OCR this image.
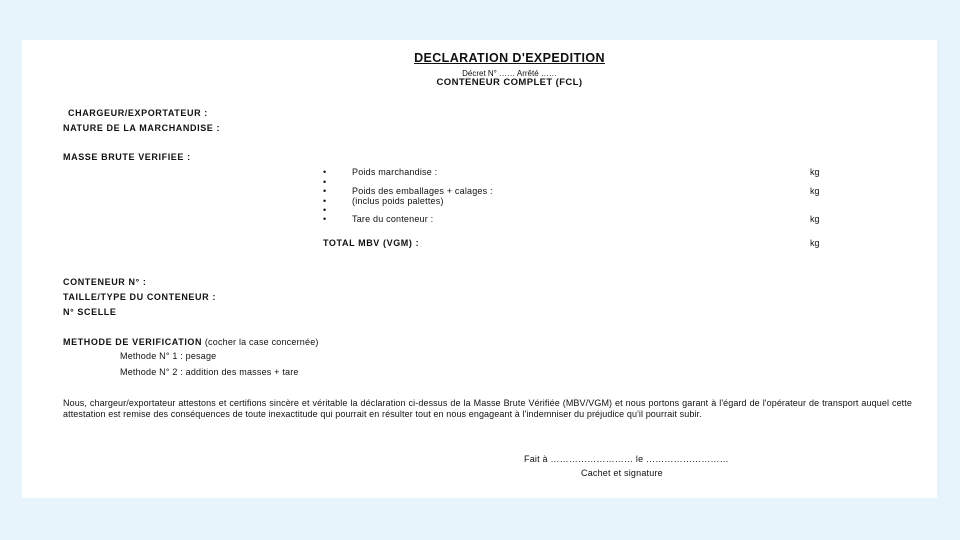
DECLARATION D'EXPEDITION
Décret N° …… Arrêté ……
CONTENEUR COMPLET (FCL)
CHARGEUR/EXPORTATEUR :
NATURE DE LA MARCHANDISE :
MASSE BRUTE VERIFIEE :
•	Poids marchandise :	kg
•
•	Poids des emballages + calages :	kg
•	(inclus poids palettes)
•
•	Tare du conteneur :	kg
TOTAL MBV (VGM) :	kg
CONTENEUR N° :
TAILLE/TYPE DU CONTENEUR :
N° SCELLE
METHODE DE VERIFICATION (cocher la case concernée)
Methode N° 1 : pesage
Methode N° 2 : addition des masses + tare
Nous, chargeur/exportateur attestons et certifions sincère et véritable la déclaration ci-dessus de la Masse Brute Vérifiée (MBV/VGM) et nous portons garant à l'égard de l'opérateur de transport auquel cette attestation est remise des conséquences de toute inexactitude qui pourrait en résulter tout en nous engageant à l'indemniser du préjudice qu'il pourrait subir.
Fait à ……………………… le ………………………
Cachet et signature
